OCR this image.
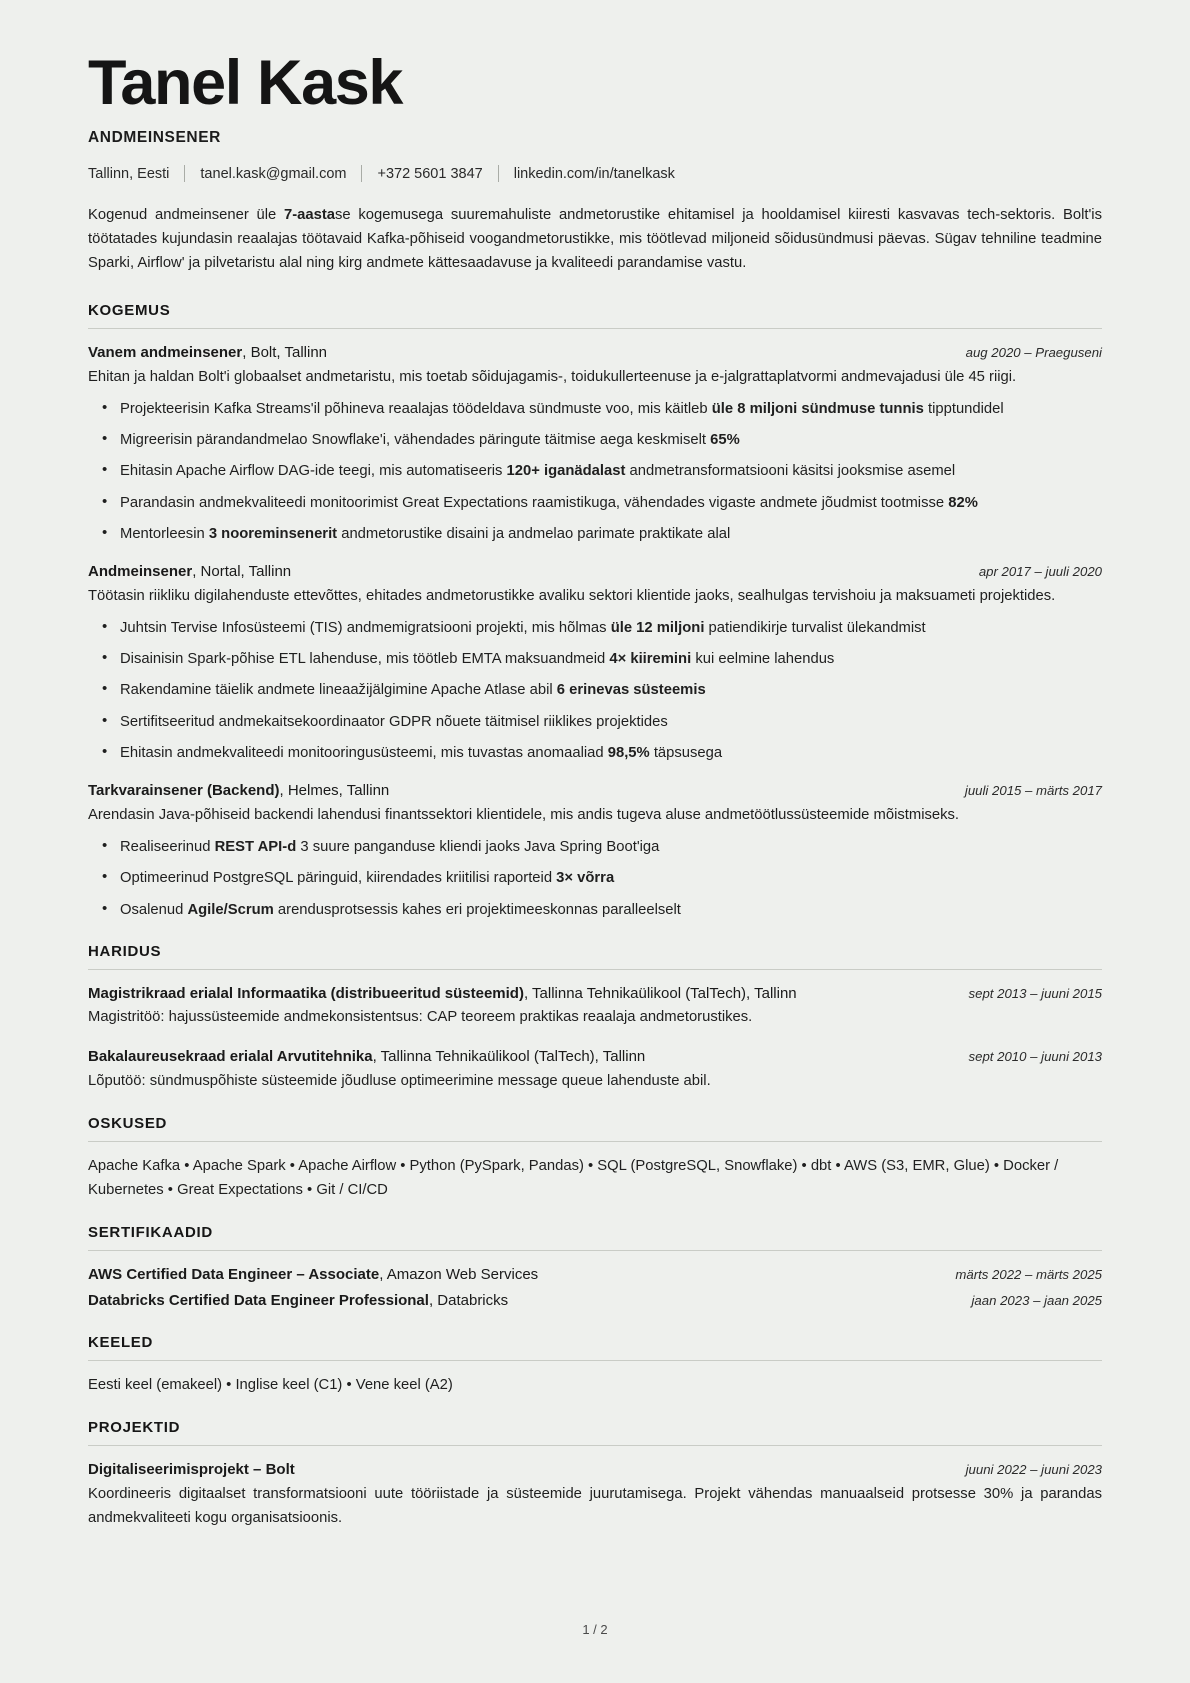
Tanel Kask
ANDMEINSENER
Tallinn, Eesti tanel.kask@gmail.com +372 5601 3847 linkedin.com/in/tanelkask

Kogenud andmeinsener üle 7-aastase kogemusega suuremahuliste andmetorustike ehitamisel ja hooldamisel kiiresti kasvavas tech-sektoris. Bolt'is töötatades kujundasin reaalajas töötavaid Kafka-põhiseid voogandmetorustikke, mis töötlevad miljoneid sõidusündmusi päevas. Sügav tehniline teadmine Sparki, Airflow' ja pilvetaristu alal ning kirg andmete kättesaadavuse ja kvaliteedi parandamise vastu.

KOGEMUS
Vanem andmeinsener, Bolt, Tallinn	aug 2020 – Praeguseni
Ehitan ja haldan Bolt'i globaalset andmetaristu, mis toetab sõidujagamis-, toidukullerteenuse ja e-jalgrattaplatvormi andmevajadusi üle 45 riigi.
• Projekteerisin Kafka Streams'il põhineva reaalajas töödeldava sündmuste voo, mis käitleb üle 8 miljoni sündmuse tunnis tipptundidel
• Migreerisin pärandandmelao Snowflake'i, vähendades päringute täitmise aega keskmiselt 65%
• Ehitasin Apache Airflow DAG-ide teegi, mis automatiseeris 120+ iganädalast andmetransformatsiooni käsitsi jooksmise asemel
• Parandasin andmekvaliteedi monitoorimist Great Expectations raamistikuga, vähendades vigaste andmete jõudmist tootmisse 82%
• Mentorleesin 3 nooreminsenerit andmetorustike disaini ja andmelao parimate praktikate alal
Andmeinsener, Nortal, Tallinn	apr 2017 – juuli 2020
Töötasin riikliku digilahenduste ettevõttes, ehitades andmetorustikke avaliku sektori klientide jaoks, sealhulgas tervishoiu ja maksuameti projektides.
• Juhtsin Tervise Infosüsteemi (TIS) andmemigratsiooni projekti, mis hõlmas üle 12 miljoni patiendikirje turvalist ülekandmist
• Disainisin Spark-põhise ETL lahenduse, mis töötleb EMTA maksuandmeid 4× kiiremini kui eelmine lahendus
• Rakendamine täielik andmete lineaažijälgimine Apache Atlase abil 6 erinevas süsteemis
• Sertifitseeritud andmekaitsekoordinaator GDPR nõuete täitmisel riiklikes projektides
• Ehitasin andmekvaliteedi monitooringusüsteemi, mis tuvastas anomaaliad 98,5% täpsusega
Tarkvarainsener (Backend), Helmes, Tallinn	juuli 2015 – märts 2017
Arendasin Java-põhiseid backendi lahendusi finantssektori klientidele, mis andis tugeva aluse andmetöötlussüsteemide mõistmiseks.
• Realiseerinud REST API-d 3 suure panganduse kliendi jaoks Java Spring Boot'iga
• Optimeerinud PostgreSQL päringuid, kiirendades kriitilisi raporteid 3× võrra
• Osalenud Agile/Scrum arendusprotsessis kahes eri projektimeeskonnas paralleelselt
HARIDUS
Magistrikraad erialal Informaatika (distribueeritud süsteemid), Tallinna Tehnikaülikool (TalTech), Tallinn	sept 2013 – juuni 2015
Magistritöö: hajussüsteemide andmekonsistentsus: CAP teoreem praktikas reaalaja andmetorustikes.
Bakalaureusekraad erialal Arvutitehnika, Tallinna Tehnikaülikool (TalTech), Tallinn	sept 2010 – juuni 2013
Lõputöö: sündmuspõhiste süsteemide jõudluse optimeerimine message queue lahenduste abil.
OSKUSED
Apache Kafka • Apache Spark • Apache Airflow • Python (PySpark, Pandas) • SQL (PostgreSQL, Snowflake) • dbt • AWS (S3, EMR, Glue) • Docker / Kubernetes • Great Expectations • Git / CI/CD
SERTIFIKAADID
AWS Certified Data Engineer – Associate, Amazon Web Services	märts 2022 – märts 2025
Databricks Certified Data Engineer Professional, Databricks	jaan 2023 – jaan 2025
KEELED
Eesti keel (emakeel) • Inglise keel (C1) • Vene keel (A2)
PROJEKTID
Digitaliseerimisprojekt – Bolt	juuni 2022 – juuni 2023
Koordineeris digitaalset transformatsiooni uute tööriistade ja süsteemide juurutamisega. Projekt vähendas manuaalseid protsesse 30% ja parandas andmekvaliteeti kogu organisatsioonis.
1 / 2
